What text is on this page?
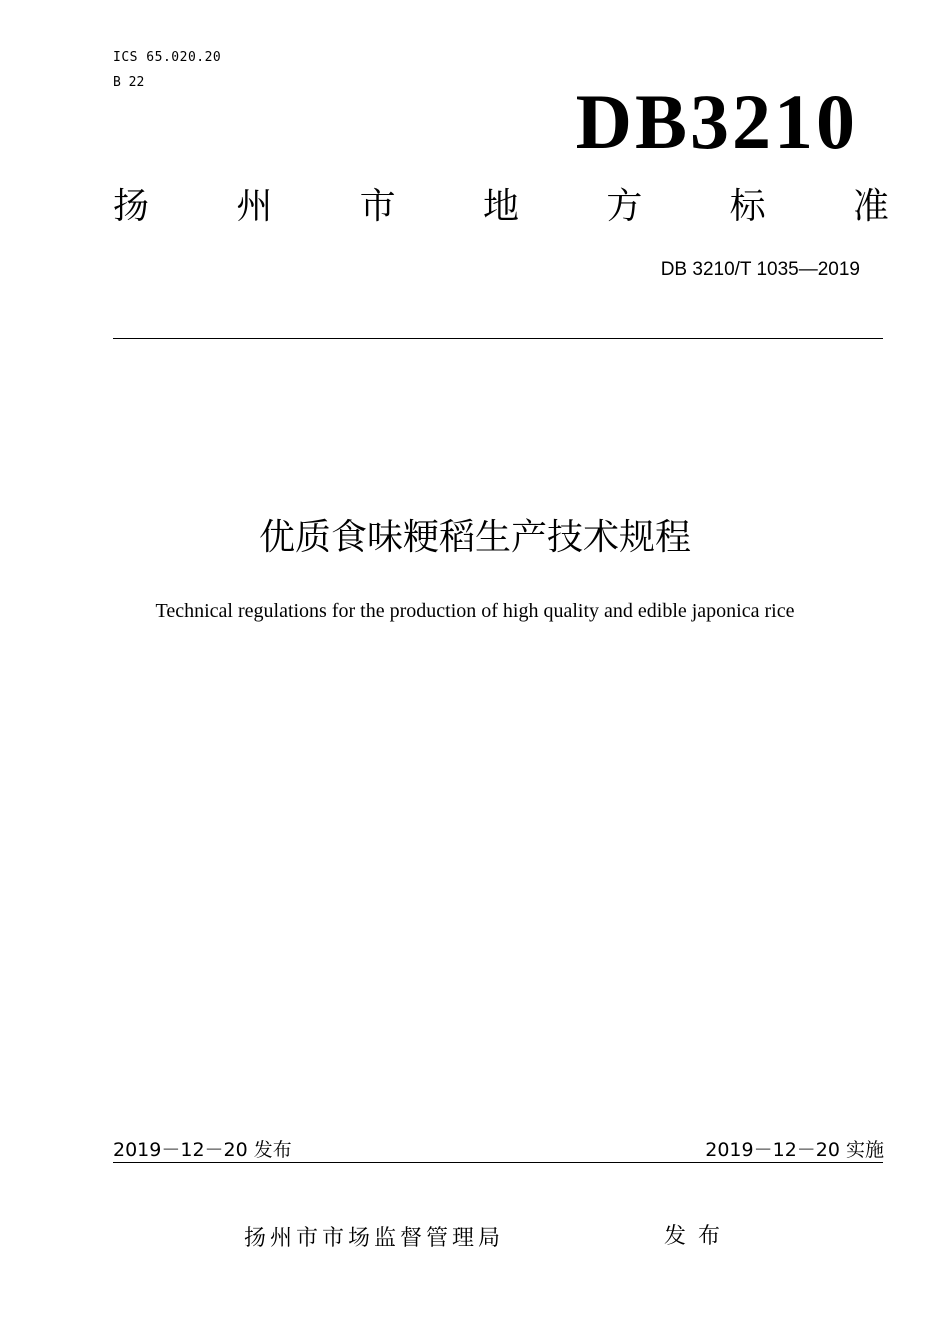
ICS 65.020.20
B 22	DB3210
扬 州 市 地 方 标 准
DB 3210/T 1035—2019
优质食味粳稻生产技术规程
Technical regulations for the production of high quality and edible japonica rice
2019－12－20 发布	2019－12－20 实施
扬州市市场监督管理局	发布
